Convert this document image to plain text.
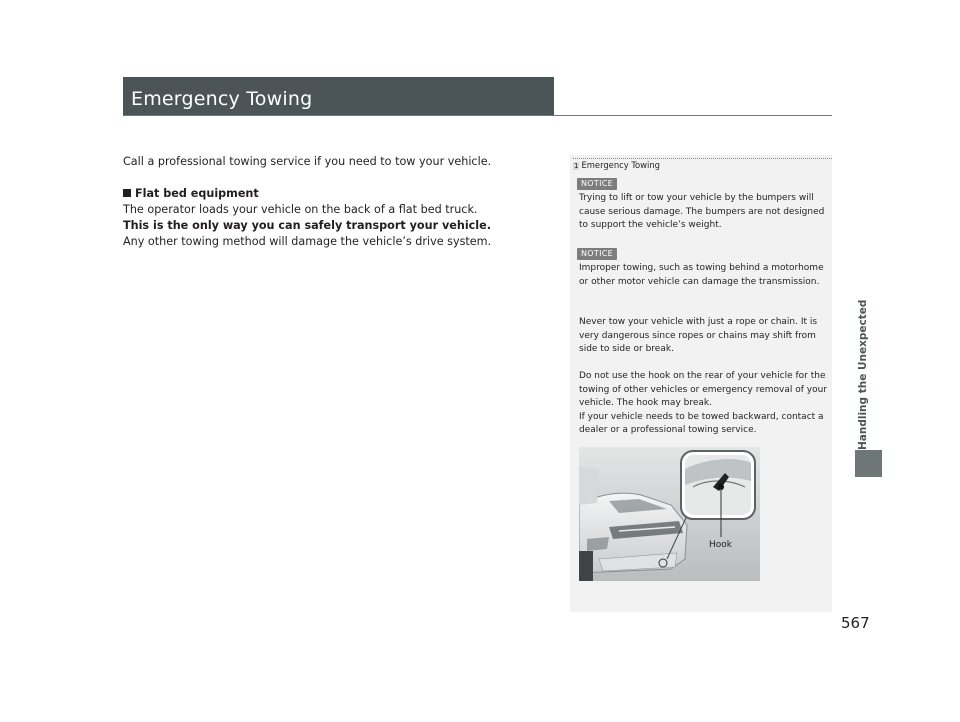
Emergency Towing

Call a professional towing service if you need to tow your vehicle.

Flat bed equipment

The operator loads your vehicle on the back of a flat bed truck.

This is the only way you can safely transport your vehicle.

Any other towing method will damage the vehicle’s drive system.

1 Emergency Towing
NOTICE

Trying to lift or tow your vehicle by the bumpers will cause serious damage. The bumpers are not designed to support the vehicle’s weight.

NOTICE

Improper towing, such as towing behind a motorhome or other motor vehicle can damage the transmission.

Never tow your vehicle with just a rope or chain. It is very dangerous since ropes or chains may shift from side to side or break.

Do not use the hook on the rear of your vehicle for the towing of other vehicles or emergency removal of your vehicle. The hook may break.

If your vehicle needs to be towed backward, contact a dealer or a professional towing service.

Hook
Handling the Unexpected
567
